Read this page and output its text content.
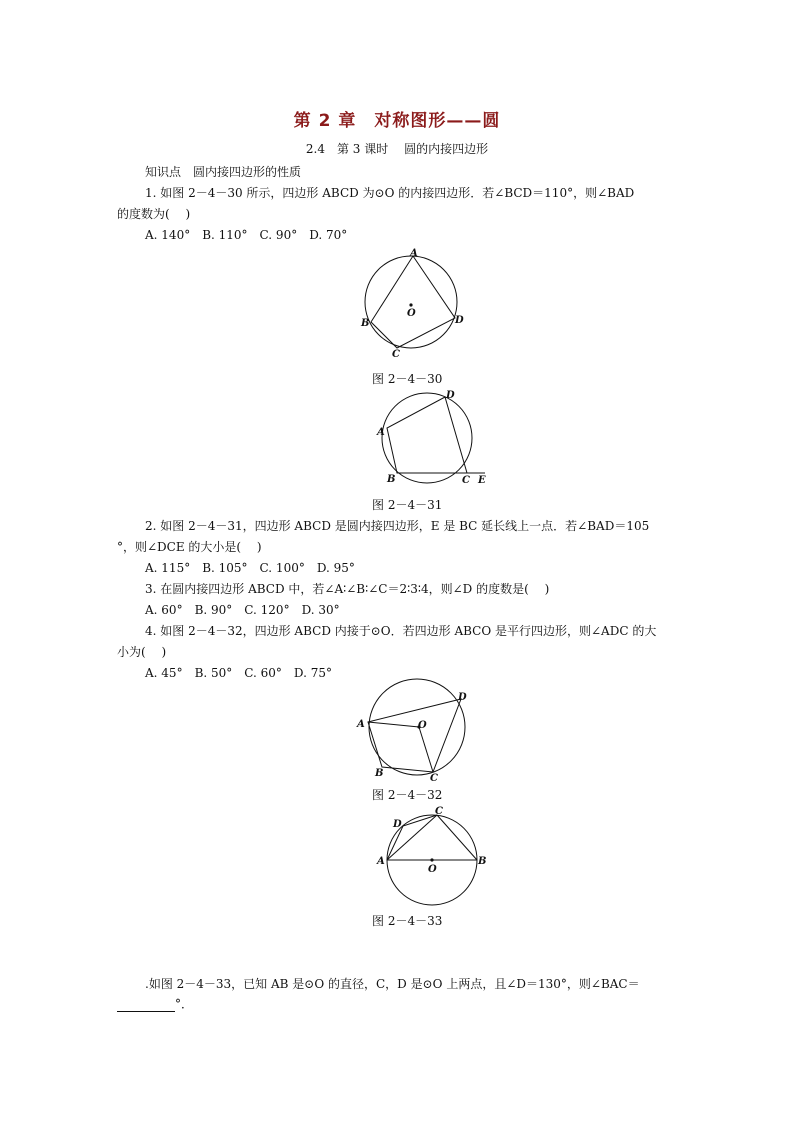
第 2 章　对称图形——圆
2.4　第 3 课时　 圆的内接四边形
知识点　圆内接四边形的性质
1. 如图 2－4－30 所示，四边形 ABCD 为⊙O 的内接四边形．若∠BCD＝110°，则∠BAD
的度数为(　 )
A. 140°　B. 110°　C. 90°　D. 70°
A
B
C
D
O
图 2－4－30
A
B	C
D
E
图 2－4－31
2. 如图 2－4－31，四边形 ABCD 是圆内接四边形，E 是 BC 延长线上一点．若∠BAD＝105
°，则∠DCE 的大小是(　 )
A. 115°　B. 105°　C. 100°　D. 95°
3. 在圆内接四边形 ABCD 中，若∠A∶∠B∶∠C＝2∶3∶4，则∠D 的度数是(　 )
A. 60°　B. 90°　C. 120°　D. 30°
4. 如图 2－4－32，四边形 ABCD 内接于⊙O．若四边形 ABCO 是平行四边形，则∠ADC 的大
小为(　 )
A. 45°　B. 50°　C. 60°　D. 75°
A
B	C
D
O
图 2－4－32
A	B
C
D
O
图 2－4－33
.如图 2－4－33，已知 AB 是⊙O 的直径，C，D 是⊙O 上两点，且∠D＝130°，则∠BAC＝
°．
